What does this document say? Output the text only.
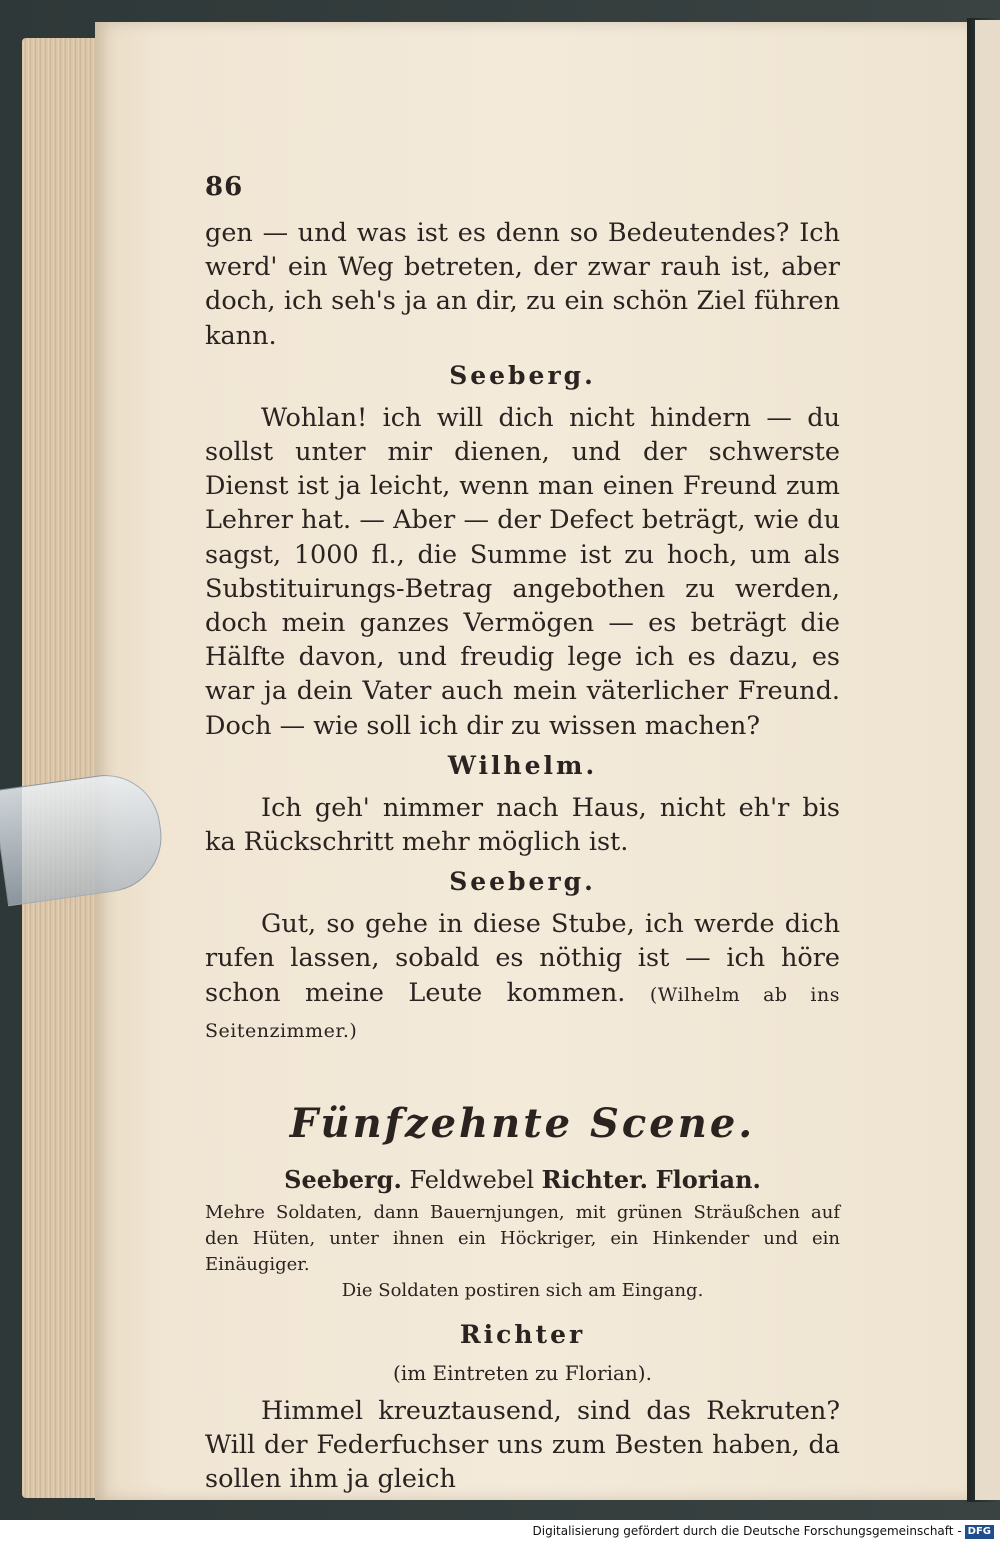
86

gen — und was ist es denn so Bedeutendes? Ich werd' ein Weg betreten, der zwar rauh ist, aber doch, ich seh's ja an dir, zu ein schön Ziel führen kann.

Seeberg.

Wohlan! ich will dich nicht hindern — du sollst unter mir dienen, und der schwerste Dienst ist ja leicht, wenn man einen Freund zum Lehrer hat. — Aber — der Defect beträgt, wie du sagst, 1000 fl., die Summe ist zu hoch, um als Substituirungs-Betrag angebothen zu werden, doch mein ganzes Vermögen — es beträgt die Hälfte davon, und freudig lege ich es dazu, es war ja dein Vater auch mein väterlicher Freund. Doch — wie soll ich dir zu wissen machen?

Wilhelm.

Ich geh' nimmer nach Haus, nicht eh'r bis ka Rückschritt mehr möglich ist.

Seeberg.

Gut, so gehe in diese Stube, ich werde dich rufen lassen, sobald es nöthig ist — ich höre schon meine Leute kommen. (Wilhelm ab ins Seitenzimmer.)

Fünfzehnte Scene.
Seeberg. Feldwebel Richter. Florian.

Mehre Soldaten, dann Bauernjungen, mit grünen Sträußchen auf den Hüten, unter ihnen ein Höckriger, ein Hinkender und ein Einäugiger.
Die Soldaten postiren sich am Eingang.

Richter
(im Eintreten zu Florian).

Himmel kreuztausend, sind das Rekruten? Will der Federfuchser uns zum Besten haben, da sollen ihm ja gleich

Digitalisierung gefördert durch die Deutsche Forschungsgemeinschaft - DFG
